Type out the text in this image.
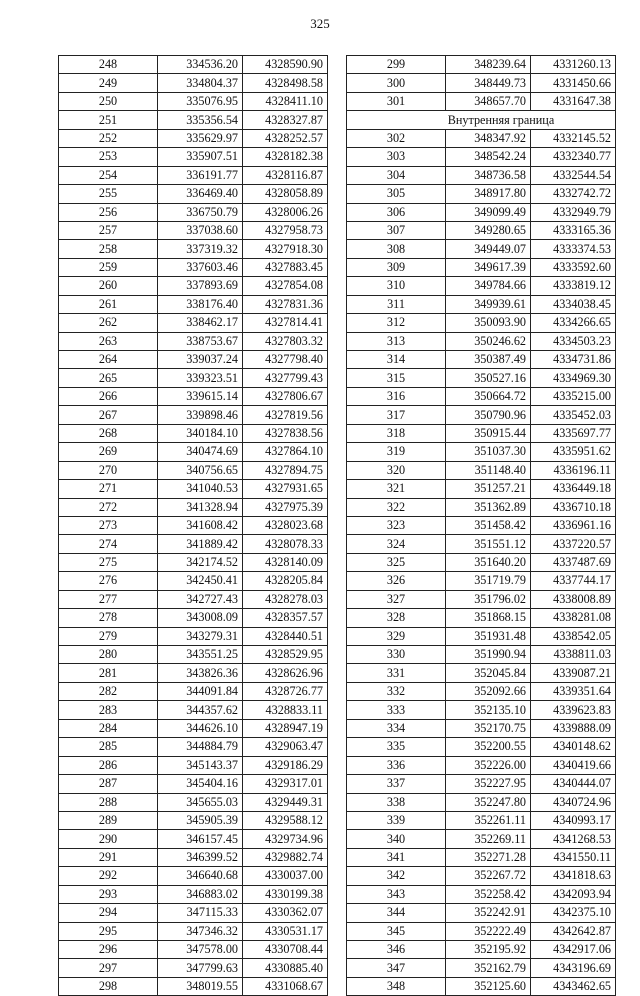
325
248	334536.20	4328590.90
249	334804.37	4328498.58
250	335076.95	4328411.10
251	335356.54	4328327.87
252	335629.97	4328252.57
253	335907.51	4328182.38
254	336191.77	4328116.87
255	336469.40	4328058.89
256	336750.79	4328006.26
257	337038.60	4327958.73
258	337319.32	4327918.30
259	337603.46	4327883.45
260	337893.69	4327854.08
261	338176.40	4327831.36
262	338462.17	4327814.41
263	338753.67	4327803.32
264	339037.24	4327798.40
265	339323.51	4327799.43
266	339615.14	4327806.67
267	339898.46	4327819.56
268	340184.10	4327838.56
269	340474.69	4327864.10
270	340756.65	4327894.75
271	341040.53	4327931.65
272	341328.94	4327975.39
273	341608.42	4328023.68
274	341889.42	4328078.33
275	342174.52	4328140.09
276	342450.41	4328205.84
277	342727.43	4328278.03
278	343008.09	4328357.57
279	343279.31	4328440.51
280	343551.25	4328529.95
281	343826.36	4328626.96
282	344091.84	4328726.77
283	344357.62	4328833.11
284	344626.10	4328947.19
285	344884.79	4329063.47
286	345143.37	4329186.29
287	345404.16	4329317.01
288	345655.03	4329449.31
289	345905.39	4329588.12
290	346157.45	4329734.96
291	346399.52	4329882.74
292	346640.68	4330037.00
293	346883.02	4330199.38
294	347115.33	4330362.07
295	347346.32	4330531.17
296	347578.00	4330708.44
297	347799.63	4330885.40
298	348019.55	4331068.67
299	348239.64	4331260.13
300	348449.73	4331450.66
301	348657.70	4331647.38
Внутренняя граница		
302	348347.92	4332145.52
303	348542.24	4332340.77
304	348736.58	4332544.54
305	348917.80	4332742.72
306	349099.49	4332949.79
307	349280.65	4333165.36
308	349449.07	4333374.53
309	349617.39	4333592.60
310	349784.66	4333819.12
311	349939.61	4334038.45
312	350093.90	4334266.65
313	350246.62	4334503.23
314	350387.49	4334731.86
315	350527.16	4334969.30
316	350664.72	4335215.00
317	350790.96	4335452.03
318	350915.44	4335697.77
319	351037.30	4335951.62
320	351148.40	4336196.11
321	351257.21	4336449.18
322	351362.89	4336710.18
323	351458.42	4336961.16
324	351551.12	4337220.57
325	351640.20	4337487.69
326	351719.79	4337744.17
327	351796.02	4338008.89
328	351868.15	4338281.08
329	351931.48	4338542.05
330	351990.94	4338811.03
331	352045.84	4339087.21
332	352092.66	4339351.64
333	352135.10	4339623.83
334	352170.75	4339888.09
335	352200.55	4340148.62
336	352226.00	4340419.66
337	352227.95	4340444.07
338	352247.80	4340724.96
339	352261.11	4340993.17
340	352269.11	4341268.53
341	352271.28	4341550.11
342	352267.72	4341818.63
343	352258.42	4342093.94
344	352242.91	4342375.10
345	352222.49	4342642.87
346	352195.92	4342917.06
347	352162.79	4343196.69
348	352125.60	4343462.65
